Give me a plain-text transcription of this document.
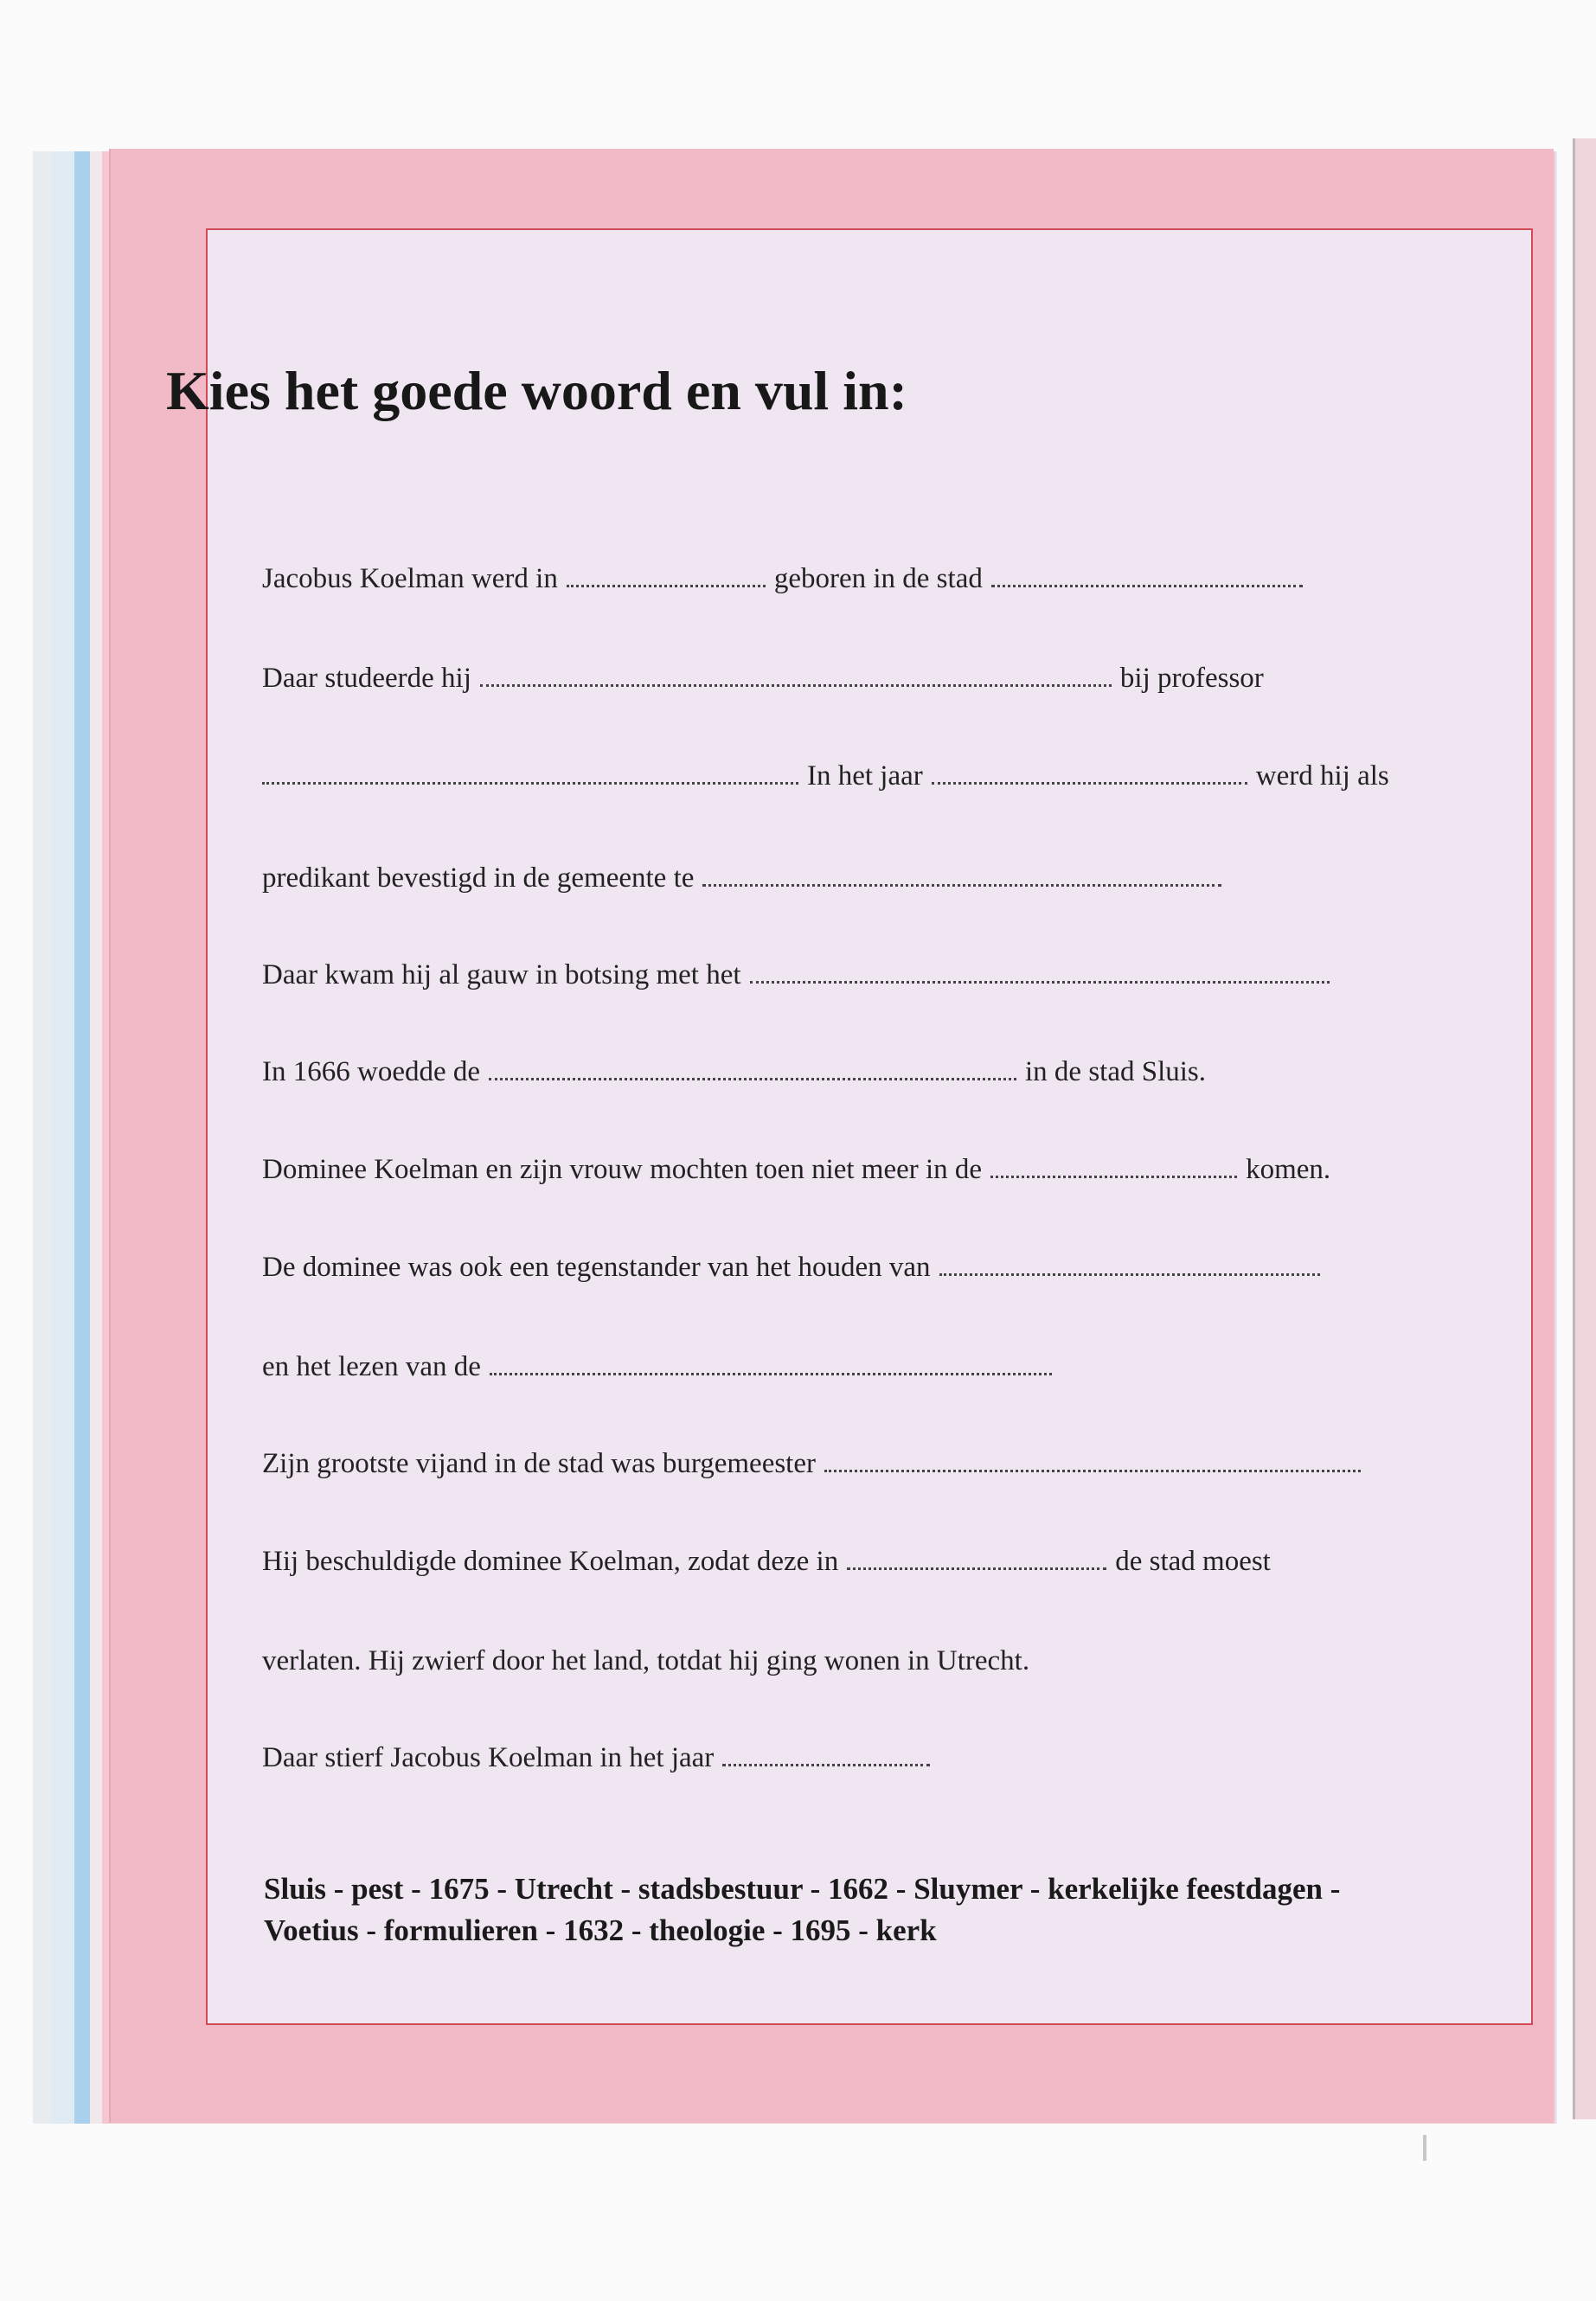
Kies het goede woord en vul in:
Jacobus Koelman werd in	geboren in de stad
Daar studeerde hij	bij professor
In het jaar	werd hij als
predikant bevestigd in de gemeente te
Daar kwam hij al gauw in botsing met het
In 1666 woedde de	in de stad Sluis.
Dominee Koelman en zijn vrouw mochten toen niet meer in de	komen.
De dominee was ook een tegenstander van het houden van
en het lezen van de
Zijn grootste vijand in de stad was burgemeester
Hij beschuldigde dominee Koelman, zodat deze in	de stad moest
verlaten. Hij zwierf door het land, totdat hij ging wonen in Utrecht.
Daar stierf Jacobus Koelman in het jaar

Sluis - pest - 1675 - Utrecht - stadsbestuur - 1662 - Sluymer - kerkelijke feestdagen -

Voetius - formulieren - 1632 - theologie - 1695 - kerk
